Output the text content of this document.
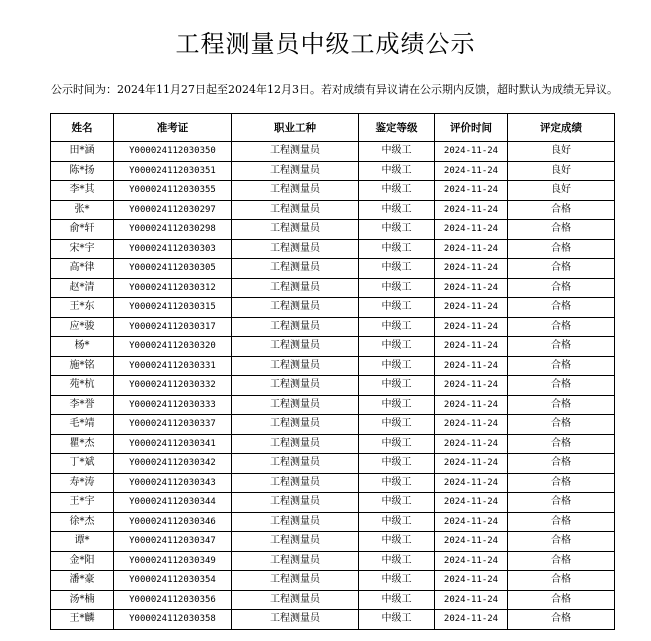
工程测量员中级工成绩公示
公示时间为：2024年11月27日起至2024年12月3日。若对成绩有异议请在公示期内反馈，超时默认为成绩无异议。
姓名	准考证	职业工种	鉴定等级	评价时间	评定成绩
田*涵	Y000024112030350	工程测量员	中级工	2024-11-24	良好
陈*扬	Y000024112030351	工程测量员	中级工	2024-11-24	良好
李*其	Y000024112030355	工程测量员	中级工	2024-11-24	良好
张*	Y000024112030297	工程测量员	中级工	2024-11-24	合格
俞*轩	Y000024112030298	工程测量员	中级工	2024-11-24	合格
宋*宇	Y000024112030303	工程测量员	中级工	2024-11-24	合格
高*律	Y000024112030305	工程测量员	中级工	2024-11-24	合格
赵*清	Y000024112030312	工程测量员	中级工	2024-11-24	合格
王*东	Y000024112030315	工程测量员	中级工	2024-11-24	合格
应*骏	Y000024112030317	工程测量员	中级工	2024-11-24	合格
杨*	Y000024112030320	工程测量员	中级工	2024-11-24	合格
施*铭	Y000024112030331	工程测量员	中级工	2024-11-24	合格
苑*杭	Y000024112030332	工程测量员	中级工	2024-11-24	合格
李*誉	Y000024112030333	工程测量员	中级工	2024-11-24	合格
毛*靖	Y000024112030337	工程测量员	中级工	2024-11-24	合格
瞿*杰	Y000024112030341	工程测量员	中级工	2024-11-24	合格
丁*斌	Y000024112030342	工程测量员	中级工	2024-11-24	合格
寿*涛	Y000024112030343	工程测量员	中级工	2024-11-24	合格
王*宇	Y000024112030344	工程测量员	中级工	2024-11-24	合格
徐*杰	Y000024112030346	工程测量员	中级工	2024-11-24	合格
谭*	Y000024112030347	工程测量员	中级工	2024-11-24	合格
金*阳	Y000024112030349	工程测量员	中级工	2024-11-24	合格
潘*豪	Y000024112030354	工程测量员	中级工	2024-11-24	合格
汤*楠	Y000024112030356	工程测量员	中级工	2024-11-24	合格
王*麟	Y000024112030358	工程测量员	中级工	2024-11-24	合格
